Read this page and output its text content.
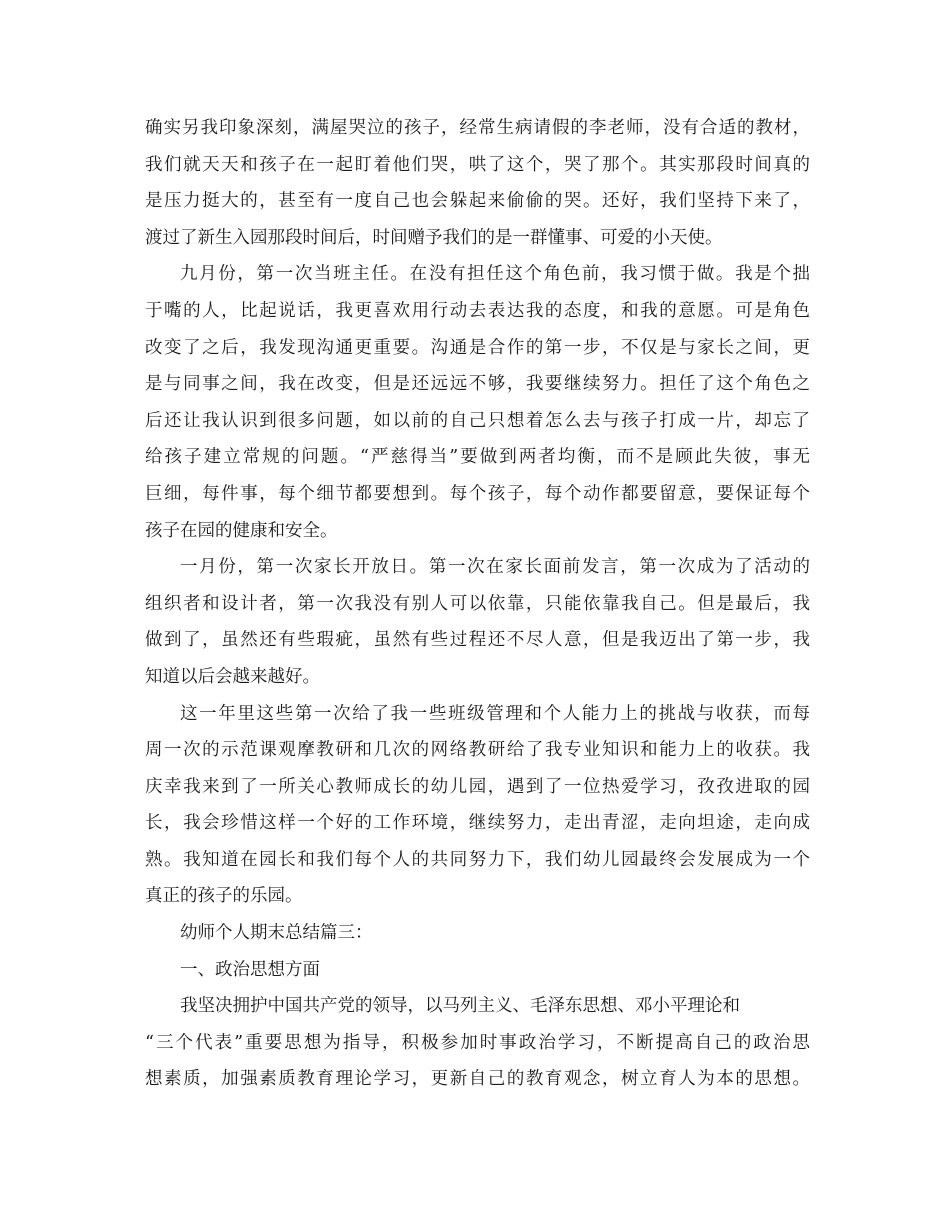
确实另我印象深刻，满屋哭泣的孩子，经常生病请假的李老师，没有合适的教材，
我们就天天和孩子在一起盯着他们哭，哄了这个，哭了那个。其实那段时间真的
是压力挺大的，甚至有一度自己也会躲起来偷偷的哭。还好，我们坚持下来了，
渡过了新生入园那段时间后，时间赠予我们的是一群懂事、可爱的小天使。
九月份，第一次当班主任。在没有担任这个角色前，我习惯于做。我是个拙
于嘴的人，比起说话，我更喜欢用行动去表达我的态度，和我的意愿。可是角色
改变了之后，我发现沟通更重要。沟通是合作的第一步，不仅是与家长之间，更
是与同事之间，我在改变，但是还远远不够，我要继续努力。担任了这个角色之
后还让我认识到很多问题，如以前的自己只想着怎么去与孩子打成一片，却忘了
给孩子建立常规的问题。“严慈得当”要做到两者均衡，而不是顾此失彼，事无
巨细，每件事，每个细节都要想到。每个孩子，每个动作都要留意，要保证每个
孩子在园的健康和安全。
一月份，第一次家长开放日。第一次在家长面前发言，第一次成为了活动的
组织者和设计者，第一次我没有别人可以依靠，只能依靠我自己。但是最后，我
做到了，虽然还有些瑕疵，虽然有些过程还不尽人意，但是我迈出了第一步，我
知道以后会越来越好。
这一年里这些第一次给了我一些班级管理和个人能力上的挑战与收获，而每
周一次的示范课观摩教研和几次的网络教研给了我专业知识和能力上的收获。我
庆幸我来到了一所关心教师成长的幼儿园，遇到了一位热爱学习，孜孜进取的园
长，我会珍惜这样一个好的工作环境，继续努力，走出青涩，走向坦途，走向成
熟。我知道在园长和我们每个人的共同努力下，我们幼儿园最终会发展成为一个
真正的孩子的乐园。
幼师个人期末总结篇三：
一、政治思想方面
我坚决拥护中国共产党的领导，以马列主义、毛泽东思想、邓小平理论和
“三个代表”重要思想为指导，积极参加时事政治学习，不断提高自己的政治思
想素质，加强素质教育理论学习，更新自己的教育观念，树立育人为本的思想。
